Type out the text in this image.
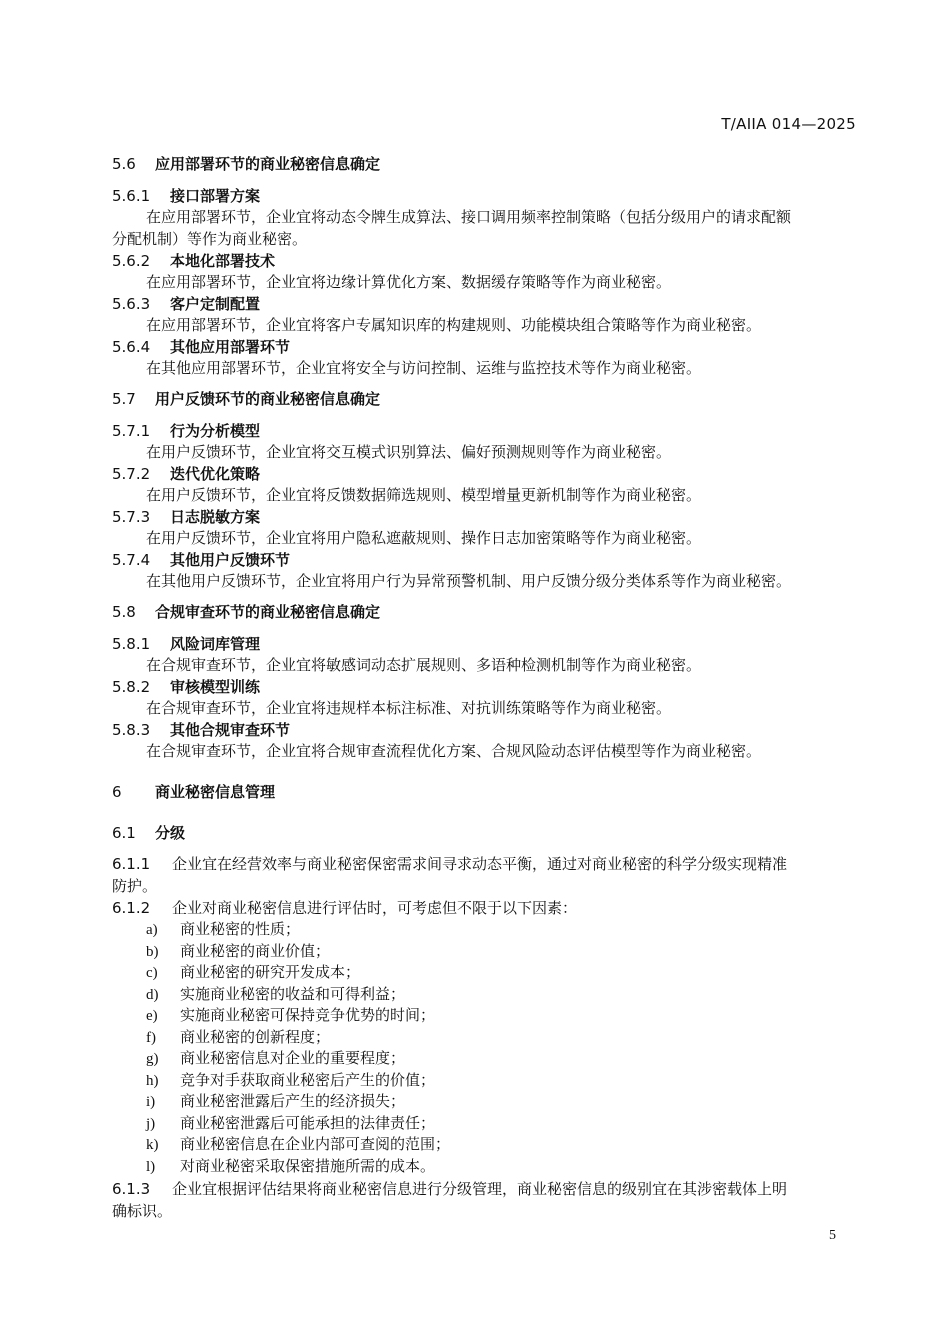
T/AIIA 014—2025
5.6 应用部署环节的商业秘密信息确定
5.6.1 接口部署方案
在应用部署环节，企业宜将动态令牌生成算法、接口调用频率控制策略（包括分级用户的请求配额
分配机制）等作为商业秘密。
5.6.2 本地化部署技术
在应用部署环节，企业宜将边缘计算优化方案、数据缓存策略等作为商业秘密。
5.6.3 客户定制配置
在应用部署环节，企业宜将客户专属知识库的构建规则、功能模块组合策略等作为商业秘密。
5.6.4 其他应用部署环节
在其他应用部署环节，企业宜将安全与访问控制、运维与监控技术等作为商业秘密。
5.7 用户反馈环节的商业秘密信息确定
5.7.1 行为分析模型
在用户反馈环节，企业宜将交互模式识别算法、偏好预测规则等作为商业秘密。
5.7.2 迭代优化策略
在用户反馈环节，企业宜将反馈数据筛选规则、模型增量更新机制等作为商业秘密。
5.7.3 日志脱敏方案
在用户反馈环节，企业宜将用户隐私遮蔽规则、操作日志加密策略等作为商业秘密。
5.7.4 其他用户反馈环节
在其他用户反馈环节，企业宜将用户行为异常预警机制、用户反馈分级分类体系等作为商业秘密。
5.8 合规审查环节的商业秘密信息确定
5.8.1 风险词库管理
在合规审查环节，企业宜将敏感词动态扩展规则、多语种检测机制等作为商业秘密。
5.8.2 审核模型训练
在合规审查环节，企业宜将违规样本标注标准、对抗训练策略等作为商业秘密。
5.8.3 其他合规审查环节
在合规审查环节，企业宜将合规审查流程优化方案、合规风险动态评估模型等作为商业秘密。
6 商业秘密信息管理
6.1 分级
6.1.1 企业宜在经营效率与商业秘密保密需求间寻求动态平衡，通过对商业秘密的科学分级实现精准
防护。
6.1.2 企业对商业秘密信息进行评估时，可考虑但不限于以下因素：
a) 商业秘密的性质；
b) 商业秘密的商业价值；
c) 商业秘密的研究开发成本；
d) 实施商业秘密的收益和可得利益；
e) 实施商业秘密可保持竞争优势的时间；
f) 商业秘密的创新程度；
g) 商业秘密信息对企业的重要程度；
h) 竞争对手获取商业秘密后产生的价值；
i) 商业秘密泄露后产生的经济损失；
j) 商业秘密泄露后可能承担的法律责任；
k) 商业秘密信息在企业内部可查阅的范围；
l) 对商业秘密采取保密措施所需的成本。
6.1.3 企业宜根据评估结果将商业秘密信息进行分级管理，商业秘密信息的级别宜在其涉密载体上明
确标识。
5
